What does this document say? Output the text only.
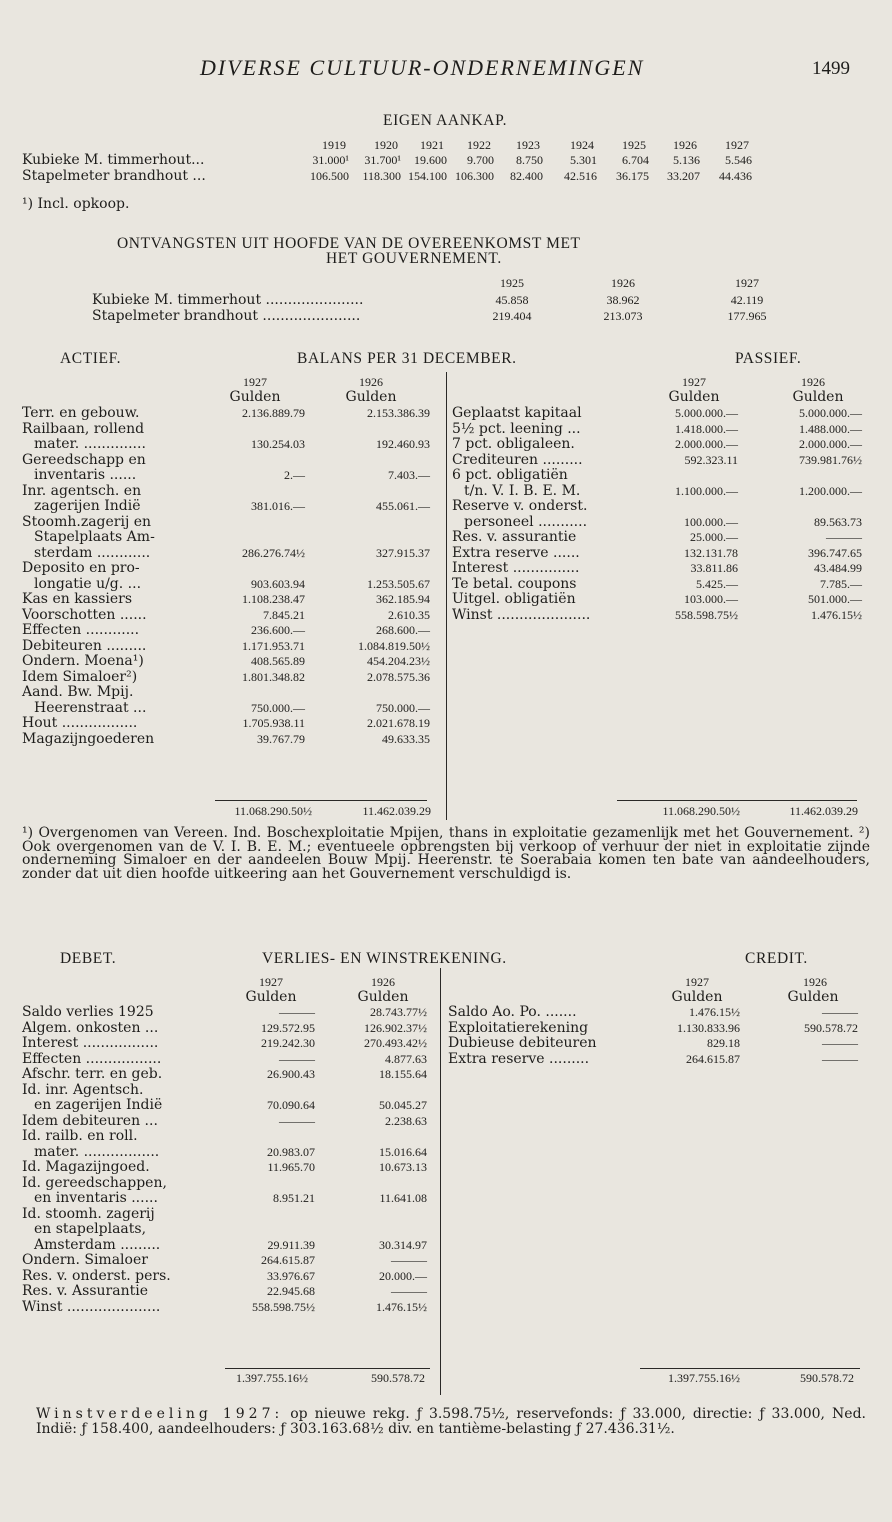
DIVERSE CULTUUR-ONDERNEMINGEN	1499
EIGEN AANKAP.
1919	1920	1921	1922	1923	1924	1925	1926	1927
Kubieke M. timmerhout...	31.000¹	31.700¹	19.600	9.700	8.750	5.301	6.704	5.136	5.546
Stapelmeter brandhout ...	106.500	118.300 154.100 106.300	82.400	42.516	36.175	33.207	44.436
¹) Incl. opkoop.
ONTVANGSTEN UIT HOOFDE VAN DE OVEREENKOMST MET
HET GOUVERNEMENT.
1925	1926	1927
Kubieke M. timmerhout ......................	45.858	38.962	42.119
Stapelmeter brandhout ......................	219.404	213.073	177.965
ACTIEF.	BALANS PER 31 DECEMBER.	PASSIEF.
1927	1926
Gulden	Gulden
1927	1926
Gulden	Gulden
Terr. en gebouw.	2.136.889.79	2.153.386.39
Railbaan, rollend
mater. ..............	130.254.03	192.460.93
Gereedschapp en
inventaris ......	2.—	7.403.—
Inr. agentsch. en
zagerijen Indië	381.016.—	455.061.—
Stoomh.zagerij en
Stapelplaats Am-
sterdam ............	286.276.74½	327.915.37
Deposito en pro-
longatie u/g. ...	903.603.94	1.253.505.67
Kas en kassiers	1.108.238.47	362.185.94
Voorschotten ......	7.845.21	2.610.35
Effecten ............	236.600.—	268.600.—
Debiteuren .........	1.171.953.71	1.084.819.50½
Ondern. Moena¹)	408.565.89	454.204.23½
Idem Simaloer²)	1.801.348.82	2.078.575.36
Aand. Bw. Mpij.
Heerenstraat ...	750.000.—	750.000.—
Hout .................	1.705.938.11	2.021.678.19
Magazijngoederen	39.767.79	49.633.35
Geplaatst kapitaal	5.000.000.—	5.000.000.—
5½ pct. leening ...	1.418.000.—	1.488.000.—
7 pct. obligaleen.	2.000.000.—	2.000.000.—
Crediteuren .........	592.323.11	739.981.76½
6 pct. obligatiën
t/n. V. I. B. E. M.	1.100.000.—	1.200.000.—
Reserve v. onderst.
personeel ...........	100.000.—	89.563.73
Res. v. assurantie	25.000.—	———
Extra reserve ......	132.131.78	396.747.65
Interest ...............	33.811.86	43.484.99
Te betal. coupons	5.425.—	7.785.—
Uitgel. obligatiën	103.000.—	501.000.—
Winst .....................	558.598.75½	1.476.15½
11.068.290.50½	11.462.039.29	11.068.290.50½	11.462.039.29
¹) Overgenomen van Vereen. Ind. Boschexploitatie Mpijen, thans in exploitatie gezamenlijk met het Gouvernement. ²) Ook overgenomen van de V. I. B. E. M.; eventueele opbrengsten bij verkoop of verhuur der niet in exploitatie zijnde onderneming Simaloer en der aandeelen Bouw Mpij. Heerenstr. te Soerabaia komen ten bate van aandeelhouders, zonder dat uit dien hoofde uitkeering aan het Gouvernement verschuldigd is.
DEBET.	VERLIES- EN WINSTREKENING.	CREDIT.
1927	1926
Gulden	Gulden
1927	1926
Gulden	Gulden
Saldo verlies 1925	———	28.743.77½
Algem. onkosten ...	129.572.95	126.902.37½
Interest .................	219.242.30	270.493.42½
Effecten .................	———	4.877.63
Afschr. terr. en geb.	26.900.43	18.155.64
Id. inr. Agentsch.
en zagerijen Indië	70.090.64	50.045.27
Idem debiteuren ...	———	2.238.63
Id. railb. en roll.
mater. .................	20.983.07	15.016.64
Id. Magazijngoed.	11.965.70	10.673.13
Id. gereedschappen,
en inventaris ......	8.951.21	11.641.08
Id. stoomh. zagerij
en stapelplaats,
Amsterdam .........	29.911.39	30.314.97
Ondern. Simaloer	264.615.87	———
Res. v. onderst. pers.	33.976.67	20.000.—
Res. v. Assurantie	22.945.68	———
Winst .....................	558.598.75½	1.476.15½
Saldo Ao. Po. .......	1.476.15½	———
Exploitatierekening	1.130.833.96	590.578.72
Dubieuse debiteuren	829.18	———
Extra reserve .........	264.615.87	———
1.397.755.16½	590.578.72	1.397.755.16½	590.578.72
Winstverdeeling 1927: op nieuwe rekg. ƒ 3.598.75½, reservefonds: ƒ 33.000, directie: ƒ 33.000, Ned. Indië: ƒ 158.400, aandeelhouders: ƒ 303.163.68½ div. en tantième-belasting ƒ 27.436.31½.
